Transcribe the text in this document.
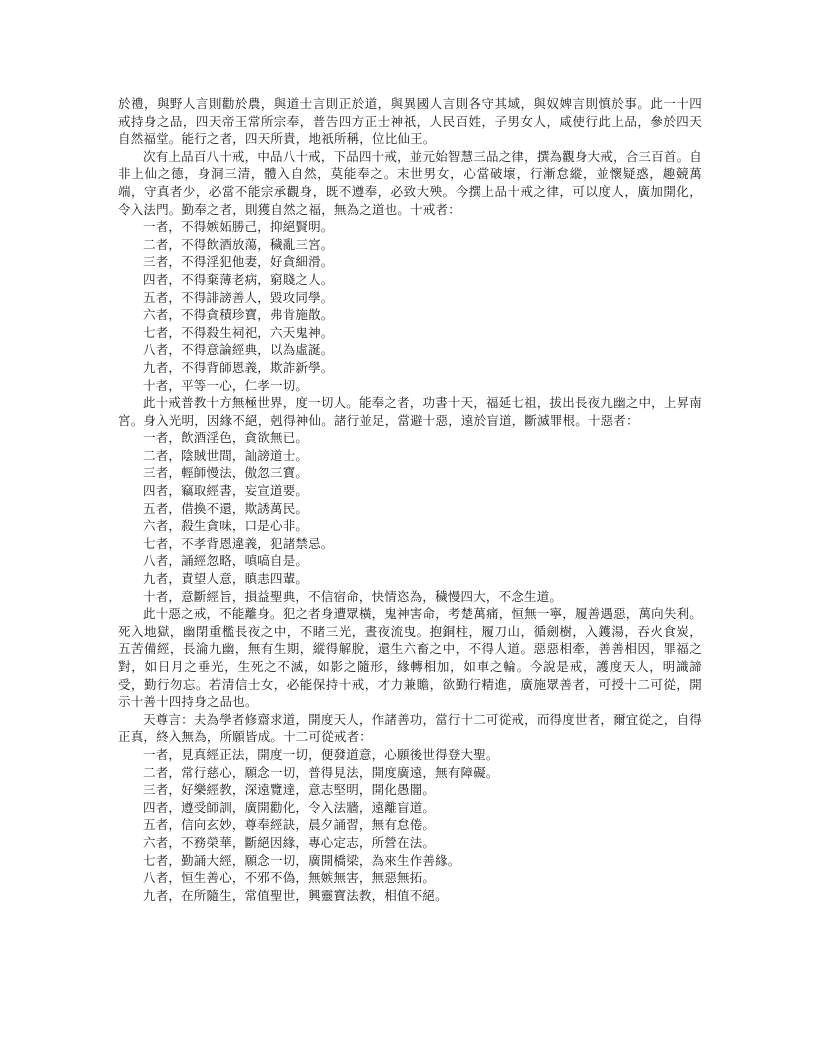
於禮，與野人言則勸於農，與道士言則正於道，與異國人言則各守其域，與奴婢言則慎於事。此一十四戒持身之品，四天帝王常所宗奉，普告四方正士神祇，人民百姓，子男女人，咸使行此上品，參於四天自然福堂。能行之者，四天所貴，地祇所稱，位比仙王。

次有上品百八十戒，中品八十戒，下品四十戒，並元始智慧三品之律，撰為觀身大戒，合三百首。自非上仙之德，身洞三清，體入自然，莫能奉之。末世男女，心當破壞，行漸怠縱，並懷疑惑，趣競萬端，守真者少，必當不能宗承觀身，既不遵奉，必致大殃。今撰上品十戒之律，可以度人，廣加開化，令入法門。勤奉之者，則獲自然之福，無為之道也。十戒者：

一者，不得嫉妬勝己，抑絕賢明。

二者，不得飲酒放蕩，穢亂三宮。

三者，不得淫犯他妻，好貪細滑。

四者，不得棄薄老病，窮賤之人。

五者，不得誹謗善人，毀攻同學。

六者，不得貪積珍寶，弗肯施散。

七者，不得殺生祠祀，六天鬼神。

八者，不得意論經典，以為虛誕。

九者，不得背師恩義，欺詐新學。

十者，平等一心，仁孝一切。

此十戒普教十方無極世界，度一切人。能奉之者，功書十天，福延七祖，拔出長夜九幽之中，上昇南宮。身入光明，因緣不絕，剋得神仙。諸行並足，當避十惡，遠於盲道，斷滅罪根。十惡者：

一者，飲酒淫色，貪欲無已。

二者，陰賊世間，訕謗道士。

三者，輕師慢法，傲忽三寶。

四者，竊取經書，妄宣道要。

五者，借換不還，欺誘萬民。

六者，殺生貪味，口是心非。

七者，不孝背恩違義，犯諸禁忌。

八者，誦經忽略，嗔嗃自是。

九者，責望人意，瞋恚四輩。

十者，意斷經旨，損益聖典，不信宿命，快情恣為，穢慢四大，不念生道。

此十惡之戒，不能離身。犯之者身遭眾橫，鬼神害命，考楚萬痛，恒無一寧，履善遇惡，萬向失利。死入地獄，幽閉重檻長夜之中，不睹三光，晝夜流曳。抱銅柱，履刀山，循劍樹，入鑊湯，吞火食炭，五苦備經，長淪九幽，無有生期，縱得解脫，還生六畜之中，不得人道。惡惡相牽，善善相因，罪福之對，如日月之垂光，生死之不滅，如影之隨形，緣轉相加，如車之輪。今說是戒，護度天人，明識諦受，勤行勿忘。若清信士女，必能保持十戒，才力兼贍，欲勤行精進，廣施眾善者，可授十二可從，開示十善十四持身之品也。

天尊言：夫為學者修齋求道，開度天人，作諸善功，當行十二可從戒，而得度世者，爾宜從之，自得正真，終入無為，所願皆成。十二可從戒者：

一者，見真經正法，開度一切，便發道意，心願後世得登大聖。

二者，常行慈心，願念一切，普得見法，開度廣遠，無有障礙。

三者，好樂經教，深遠覽達，意志堅明，開化愚闇。

四者，遵受師訓，廣開勸化，令入法牆，遠離盲道。

五者，信向玄妙，尊奉經訣，晨夕誦習，無有怠倦。

六者，不務榮華，斷絕因緣，專心定志，所營在法。

七者，勤誦大經，願念一切，廣開橋梁，為來生作善緣。

八者，恒生善心，不邪不偽，無嫉無害，無惡無拓。

九者，在所隨生，常值聖世，興靈寶法教，相值不絕。
